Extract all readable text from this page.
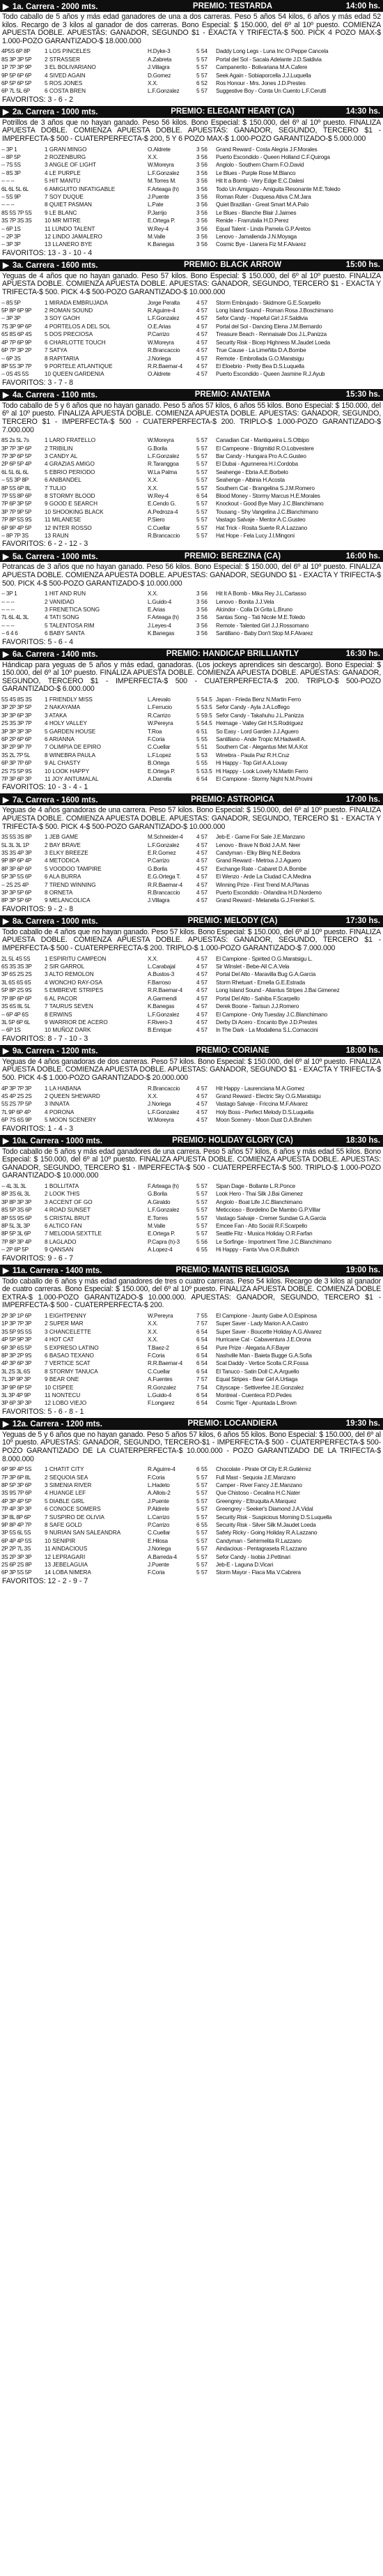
▶ 1a. Carrera - 2000 mts.	PREMIO: TESTARDA	14:00 hs.
Todo caballo de 5 años y más edad ganadores de una a dos carreras. Peso 5 años 54 kilos, 6 años y más edad 52 kilos. Recargo de 3 kilos al ganador de dos carreras. Bono Especial: $ 150.000, del 6º al 10º puesto. COMIENZA APUESTA DOBLE. APUESTAS: GANADOR, SEGUNDO $1 - EXACTA Y TRIFECTA-$ 500. PICK 4 POZO MAX-$ 1.000-POZO GARANTIZADO-$ 18.000.000
4P5S 6P 8P	1 LOS PINCELES	H.Dyke-3	5 54	Daddy Long Legs - Luna Inc O.Peppe Cancela
8S 3P 3P 5P	2 STRASSER	A.Zabreta	5 57	Portal del Sol - Sacala Adelante J.D.Saldivia
1P 7P 3P 9P	3 EL BOLIVARIANO	J.Villagra	5 57	Campanerito - Bolivariana M.A.Cafere
9P 5P 6P 6P	4 SIVED AGAIN	D.Gomez	5 57	Seek Again - Sobiaporcella J.J.Luquella
6P 5P 6P 5P	5 ROS JONES	X.X.	6 52	Ros Honour - Mrs. Jones J.D.Prestes
6P 7L 5L 6P	6 COSTA BREN	L.F.Gonzalez	5 57	Suggestive Boy - Conta Un Cuento L.F.Cerutti
FAVORITOS: 3 - 6 - 2
▶ 2a. Carrera - 1000 mts.	PREMIO: ELEGANT HEART (CA)	14:30 hs.
Potrillos de 3 años que no hayan ganado. Peso 56 kilos. Bono Especial: $ 150.000, del 6º al 10º puesto. FINALIZA APUESTA DOBLE. COMIENZA APUESTA DOBLE. APUESTAS: GANADOR, SEGUNDO, TERCERO $1 - IMPERFECTA-$ 500 - CUATERPERFECTA-$ 200, 5 Y 6 POZO MAX-$ 1.000-POZO GARANTIZADO-$ 5.000.000
-- 3P 1	1 GRAN MINGO	O.Aldrete	3 56	Grand Reward - Costa Alegria J.F.Morales
-- 8P 5P	2 ROZENBURG	X.X.	3 56	Puerto Escondido - Queen Holland C.F.Quiroga
-- 7S 5S	3 ANGLE OF LIGHT	W.Moreyra	3 56	Angiolo - Southern Charm F.O.David
-- 8S 3P	4 LE PURPLE	L.F.Gonzalez	3 56	Le Blues - Purple Rose M.Blanco
-- -- --	5 HIT MANTU	M.Torres M.	3 56	Hit It a Bomb - Very Edge E.C.Dalesi
6L 6L 5L 6L	6 AMIGUITO INFATIGABLE	F.Arteaga (h)	3 56	Todo Un Amigazo - Amiguita Resonante M.E.Toledo
-- 5S 9P	7 SOY DUQUE	J.Puente	3 56	Roman Ruler - Duquesa Ativa C.M.Jara
-- -- --	8 QUIET PASMAN	L.Pate	3 56	Quiet Brazilian - Great Smart M.A.Palo
8S 5S 7P 5S	9 LE BLANC	P.Jarrijo	3 56	Le Blues - Blanche Blair J.Jaimes
3S 7P 3S 3S	10 MR MITRE	E.Ortega P.	3 56	Renide - Frarrutalia H.D.Perez
-- 6P 1S	11 LUNDO TALENT	W.Rey-4	3 56	Equal Talent - Linda Pamela G.P.Aretos
-- 2P 3P	12 LINDO JAMALERO	M.Valle	3 56	Lenovo - Jamalienda J.N.Moyaga
-- 3P 3P	13 LLANERO BYE	K.Banegas	3 56	Cosmic Bye - Llanera Fiz M.F.Alvarez
FAVORITOS: 13 - 3 - 10 - 4
▶ 3a. Carrera - 1600 mts.	PREMIO: BLACK ARROW	15:00 hs.
Yeguas de 4 años que no hayan ganado. Peso 57 kilos. Bono Especial: $ 150.000, del 6º al 10º puesto. FINALIZA APUESTA DOBLE. COMIENZA APUESTA DOBLE. APUESTAS: GANADOR, SEGUNDO, TERCERO $1 - EXACTA Y TRIFECTA-$ 500. PICK 4-$ 500-POZO GARANTIZADO-$ 10.000.000
-- 8S 5P	1 MIRADA EMBRUJADA	Jorge Peralta	4 57	Storm Embrujado - Skidmore G.E.Scarpello
5P 8P 6P 9P	2 ROMAN SOUND	R.Aguirre-4	4 57	Long Island Sound - Roman Rosa J.Boschimano
-- 3P 3P	3 SOY GAOH	L.F.Gonzalez	4 57	Sefor Candy - Hopeful Girl J.F.Saldivia
7S 3P 9P 6P	4 PORTELOS A DEL SOL	O.E.Arias	4 57	Portal del Sol - Dancing Elena J.M.Bernardo
6S 8S 6P 4S	5 DOS PRECIOSA	P.Carrizo	4 57	Treasure Beach - Rennaisale Dos J.L.Panizza
4P 7P 6P 9P	6 CHARLOTTE TOUCH	W.Moreyra	4 57	Security Risk - Bicep Highness M.Jaudet Loeda
6P 7P 3P 2P	7 SATYA	R.Brancaccio	4 57	True Cause - La Limeñita D.A.Bombe
-- 6P 3S	8 RAPITARIA	J.Noriega	4 57	Remote - Embrollada G.O.Maratsigu
8P 5S 3P 7P	9 PORTELE ATLANTIQUE	R.R.Baemar-4	4 57	El Eloebrio - Pretty Bea D.S.Luquella
-- 0S 4S 5S	10 QUEEN GARDENIA	O.Aldrete	4 57	Puerto Escondido - Queen Jasmine R.J.Ayub
FAVORITOS: 3 - 7 - 8
▶ 4a. Carrera - 1100 mts.	PREMIO: ANATEMA	15:30 hs.
Todo caballo de 5 y 6 años que no hayan ganado. Peso 5 años 57 kilos, 6 años 55 kilos. Bono Especial: $ 150.000, del 6º al 10º puesto. FINALIZA APUESTA DOBLE. COMIENZA APUESTA DOBLE. APUESTAS: GANADOR, SEGUNDO, TERCERO $1 - IMPERFECTA-$ 500 - CUATERPERFECTA-$ 200. TRIPLO-$ 1.000-POZO GARANTIZADO-$ 7.000.000
8S 2s 5L 7s	1 LARO FRATELLO	W.Moreyra	5 57	Canadian Cat - Mantiqueira L.S.Otbipo
3P 7P 3P 6P	2 TRIBILIN	G.Borila	5 57	El Campeone - Brigmitid R.O.Lobvestere
7P 3P 6P 5P	3 CANDY AL	L.F.Gonzalez	5 57	Bar Candy - Hungara Pro A.C.Gusteo
2P 6P 5P 4P	4 GRAZIAS AMIGO	R.Taranggoa	5 57	El Dubai - Agunnerea H.I.Cordoba
6L 5L 6L 6L	5 EBRIO PERIODO	W.La Palma	5 57	Seahenge - Ebria A.E.Borbelo
-- 5S 3P 8P	6 ANIBANDEL	X.X.	5 57	Seahenge - Albinia H.Acosta
8P 5S 6P 8L	7 TULIO	X.X.	5 57	Southern Cat - Brangelina S.J.M.Romero
7P 5S 8P 6P	8 STORMY BLOOD	W.Rey-4	6 54	Blood Money - Stormy Marcus H.E.Morales
7P 6P 3P 5P	9 GOOD E SEARCH	E.Cendo G.	5 57	Knockout - Good Bye Mary J.C.Blanchimano
3P 7P 9P 5P	10 SHOOKING BLACK	A.Pedroza-4	5 57	Tousang - Shy Vangelina J.C.Blanchimano
7P 8P 5S 9S	11 MILANESE	P.Siero	5 57	Vastago Salvaje - Mentor A.C.Gusteo
6P 9P 4P 5P	12 INTER ROSSO	C.Cuellar	5 57	Hat Trick - Rosita Suerte R.A.Lazzano
-- 8P 7P 3S	13 RAUN	R.Brancaccio	5 57	Hat Hope - Fela Lucy J.I.Mingoni
FAVORITOS: 6 - 2 - 12 - 3
▶ 5a. Carrera - 1000 mts.	PREMIO: BEREZINA (CA)	16:00 hs.
Potrancas de 3 años que no hayan ganado. Peso 56 kilos. Bono Especial: $ 150.000, del 6º al 10º puesto. FINALIZA APUESTA DOBLE. COMIENZA APUESTA DOBLE. APUESTAS: GANADOR, SEGUNDO $1 - EXACTA Y TRIFECTA-$ 500. PICK 4-$ 500-POZO GARANTIZADO-$ 10.000.000
-- 3P 1	1 HIT AND RUN	X.X.	3 56	Hit It A Bomb - Mika Rey J.L.Cartasso
-- -- --	2 VANIDAD	L.Guido-4	3 56	Lenovo - Bonita J.J.Vela
-- -- --	3 FRENETICA SONG	E.Arias	3 56	Alcindor - Colla Di Grita L.Bruno
7L 6L 4L 3L	4 TATI SONG	F.Arteaga (h)	3 56	Santas Song - Tati Nicole M.E.Toledo
-- -- --	5 TALENTOSA RIM	J.Leyes-4	3 56	Remote - Talented Girl J.J.Rossomano
-- 6 4 6	6 BABY SANTA	K.Banegas	3 56	Santillano - Baby Don't Stop M.F.Alvarez
FAVORITOS: 5 - 6 - 4
▶ 6a. Carrera - 1400 mts.	PREMIO: HANDICAP BRILLIANTLY	16:30 hs.
Hándicap para yeguas de 5 años y más edad, ganadoras. (Los jockeys aprendices sin descargo). Bono Especial: $ 150.000, del 6º al 10º puesto. FINALIZA APUESTA DOBLE. COMIENZA APUESTA DOBLE. APUESTAS: GANADOR, SEGUNDO, TERCERO $1 - IMPERFECTA-$ 500 - CUATERPERFECTA-$ 200. TRIPLO-$ 500-POZO GARANTIZADO-$ 6.000.000
5S 4S 8S 3S	1 FRIENDLY MISS	L.Arevalo	5 54.5 Japan - Frieda Benz N.Martin Ferro
3P 2P 3P 5P	2 NAKAYAMA	L.Ferrucio	5 53.5 Sefor Candy - Ayla J.A.Loffego
3P 3P 6P 3P	3 ATAKA	R.Carrizo	5 59.5 Sefor Candy - Takahuhu J.L.Panizza
2S 3S 3P 7P	4 HOLY VALLEY	W.Pereyra	5 54.5 Heimage - Valley Girl H.S.Rodriguez
3P 3P 3P 3P	5 GARDEN HOUSE	T.Roa	6 51	So Easy - Lord Garden J.J.Aguero
6P 2P 6P 6P	6 ARIANNA	F.Coria	5 55	Santillano - Ande Tropic M.Hadwell A.
3P 2P 9P 7P	7 OLIMPIA DE EPIRO	C.Cuellar	5 51	Southern Cat - Alegantus Met M.A.Kot
3S 2L 7P 5L	8 WINEBRA PAULA	L.F.Lopez	5 53	Winebra - Paula Paz R.H.Cruz
6P 3P 7P 6P	9 AL CHASTY	B.Ortega	5 55	Hi Happy - Top Girl A.A.Lovay
2S 7S 5P 9S	10 LOOK HAPPY	E.Ortega P.	5 53.5 Hi Happy - Look Lovely N.Martin Ferro
7P 3P 6P 3P	11 JOY ANTUMALAL	A.Darrella	6 54	El Campione - Stormy Night N.M.Provini
FAVORITOS: 10 - 3 - 4 - 1
▶ 7a. Carrera - 1600 mts.	PREMIO: ASTROPICA	17:00 hs.
Yeguas de 4 años ganadoras de una carrera. Peso 57 kilos. Bono Especial: $ 150.000, del 6º al 10º puesto. FINALIZA APUESTA DOBLE. COMIENZA APUESTA DOBLE. APUESTAS: GANADOR, SEGUNDO, TERCERO $1 - EXACTA Y TRIFECTA-$ 500. PICK 4-$ 500-POZO GARANTIZADO-$ 10.000.000
3S 5S 3S 8P	1 JEB GAME	M.Schneider-4	4 57	Jeb-E - Game For Sale J.E.Manzano
5L 3L 3L 1P	2 BAY BRAVE	L.F.Gonzalez	4 57	Lenovo - Brave N Bold J.A.M. Neer
3S 3S 4P 3P	3 ELKY BREEZE	E.R.Gomez	4 57	Candyman - Elky Bling N.E.Bedora
9P 8P 6P 4P	4 METODICA	P.Carrizo	4 57	Grand Reward - Metrixa J.J.Aguero
8P 3P 6P 6P	5 VOODOO TAMPIRE	G.Borila	4 57	Exchange Rate - Cabaret D.A.Bombe
5P 3P 5S 6P	6 ALA BURRA	E.G.Ortega T.	4 57	El Wenzo - Arde La Ciudad C.A.Medina
-- 2S 2S 4P	7 TREND WINNING	R.R.Baemar-4	4 57	Winning Prize - First Trend M.A.Planas
3P 3P 5P 6P	8 ORNETA	R.Brancaccio	4 57	Puerto Escondido - Orlandina H.D.Nordemo
8P 3P 5P 6P	9 MELANCOLICA	J.Villagra	4 57	Grand Reward - Melanelia G.J.Frenkel S.
FAVORITOS: 9 - 2 - 8
▶ 8a. Carrera - 1000 mts.	PREMIO: MELODY (CA)	17:30 hs.
Todo caballo de 4 años que no hayan ganado. Peso 57 kilos. Bono Especial: $ 150.000, del 6º al 10º puesto. FINALIZA APUESTA DOBLE. COMIENZA APUESTA DOBLE. APUESTAS: GANADOR, SEGUNDO, TERCERO $1 - IMPERFECTA-$ 500 - CUATERPERFECTA-$ 200. TRIPLO-$ 1.000-POZO GARANTIZADO-$ 7.000.000
2L 5L 4S 5S	1 ESPIRITU CAMPEON	X.X.	4 57	El Campione - Spirited O.G.Maratsigu L.
6S 3S 3S 3P	2 SIR GARROL	L.Carabajal	4 57	Sir Winslet - Bebe-All C.A.Vela
3P 6S 2S 2S	3 ALTO REMOLON	A.Bustos-3	4 57	Portal Del Alto - Maravilla Bug G.A.Garcia
3L 6S 6S 6S	4 WONCHO RAY-OSA	F.Barroso	4 57	Storm Rhetuart - Ernella G.E.Estrada
5P 8P 2S 9S	5 EMBREVE STRIPES	R.R.Baemar-4	4 57	Long Island Sound - Aliantus Stripes J.Bai Gimenez
7P 8P 6P 6P	6 AL PACOR	A.Garmendi	4 57	Portal Del Alto - Sahiba F.Scarpello
3S 6S 8L 5L	7 TAURUS SEVEN	K.Banegas	4 57	Derek Boone - Tarisun J.J.Romero
-- 6P 4P 6S	8 ERWINS	L.F.Gonzalez	4 57	El Campione - Only Tuesday J.C.Blanchimano
3L 5P 6P 6L	9 WARRIOR DE ACERO	F.Rivero-3	4 57	Derby Di Acero - Encanto Bye J.D.Prestes
-- 6P 1S	10 MUÑOZ DARK	B.Enrique	4 57	In The Dark - La Modallena S.L.Cornaccini
FAVORITOS: 8 - 7 - 10 - 3
▶ 9a. Carrera - 1200 mts.	PREMIO: CORIANE	18:00 hs.
Yeguas de 4 años ganadoras de dos carreras. Peso 57 kilos. Bono Especial: $ 150.000, del 6º al 10º puesto. FINALIZA APUESTA DOBLE. COMIENZA APUESTA DOBLE. APUESTAS: GANADOR, SEGUNDO $1 - EXACTA Y TRIFECTA-$ 500. PICK 4-$ 1.000-POZO GARANTIZADO-$ 20.000.000
4P 3P 7P 3P	1 LA HABANA	R.Brancaccio	4 57	Hit Happy - Laurenciana M.A.Gomez
4S 4P 2S 2S	2 QUEEN SHEWARD	X.X.	4 57	Grand Reward - Electric Sky O.G.Maratsigu
5S 2S 7P 5P	3 INNATA	J.Noriega	4 57	Vastago Salvaje - Friccina M.F.Alvarez
7L 9P 6P 4P	4 PORONA	L.F.Gonzalez	4 57	Holy Boss - Perfect Melody D.S.Luquella
6P 7S 6S 9P	5 MOON SCENERY	W.Moreyra	4 57	Moon Scenery - Moon Dust D.A.Bruhen
FAVORITOS: 1 - 4 - 3
▶ 10a. Carrera - 1000 mts.	PREMIO: HOLIDAY GLORY (CA)	18:30 hs.
Todo caballo de 5 años y más edad ganadores de una carrera. Peso 5 años 57 kilos, 6 años y más edad 55 kilos. Bono Especial: $ 150.000, del 6º al 10º puesto. FINALIZA APUESTA DOBLE. COMIENZA APUESTA DOBLE. APUESTAS: GANADOR, SEGUNDO, TERCERO $1 - IMPERFECTA-$ 500 - CUATERPERFECTA-$ 500. TRIPLO-$ 1.000-POZO GARANTIZADO-$ 10.000.000
-- 4L 3L 3L	1 BOLLITATA	F.Arteaga (h)	5 57	Sipan Dage - Bollante L.R.Ponce
8P 3S 6L 3L	2 LOOK THIS	G.Borila	5 57	Look Hero - Thai Silk J.Bai Gimenez
3P 8P 3P 3P	3 ACCENT OF GO	A.Giraldo	5 57	Angiolo - Boat Life J.C.Blanchimano
8S 5P 3S 6P	4 ROAD SUNSET	L.F.Gonzalez	5 57	Meticcioso - Bordelino De Mambo G.P.Villar
8P 5S 9S 6P	5 CRISTAL BRUT	E.Torres	5 57	Vastago Salvaje - Cremer Sundae G.A.Garcia
8P 5L 3L 3P	6 ALTICO FAN	M.Valle	5 57	Emcee Fan - Alto Sociál R.F.Scarpello
8P 5P 3L 6P	7 MELODIA SEXTTLE	E.Ortega P.	5 57	Seattle Fitz - Musica Holiday O.R.Farfan
7P 8P 3P 4P	8 LAGLADO	P.Capra (h)-3	5 56	Le Sorfinge - Importment Time J.C.Blanchimano
-- 2P 6P 5P	9 QANSAN	A.Lopez-4	6 55	Hi Happy - Fanta Viva O.R.Bullrich
FAVORITOS: 9 - 6 - 7
▶ 11a. Carrera - 1400 mts.	PREMIO: MANTIS RELIGIOSA	19:00 hs.
Todo caballo de 6 años y más edad ganadores de tres o cuatro carreras. Peso 54 kilos. Recargo de 3 kilos al ganador de cuatro carreras. Bono Especial: $ 150.000, del 6º al 10º puesto. FINALIZA APUESTA DOBLE. COMIENZA DOBLE EXTRA-$ 1.000-POZO GARANTIZADO-$ 10.000.000. APUESTAS: GANADOR, SEGUNDO, TERCERO $1 - IMPERFECTA-$ 500 - CUATERPERFECTA-$ 200.
2P 3P 1P 6P	1 EIGHTPENNY	W.Pereyra	7 55	El Campione - Jaunty Gabe A.O.Espinosa
1P 3P 7P 3P	2 SUPER MAR	X.X.	7 57	Super Saver - Lady Marion A.A.Castro
3S 5P 9S 5S	3 CHANCELETTE	X.X.	6 54	Super Saver - Boucette Holiday A.G.Alvarez
4P 5P 9P 3P	4 HOT CAT	X.X.	6 54	Hurricane Cat - Cabaventura J.E.Orona
6P 3P 6S 5P	5 EXPRESO LATINO	T.Baez-2	6 54	Pure Prize - Alegaria A.F.Bayer
8P 3P 2P 9S	6 BASAO TEXANO	F.Coria	6 54	Nashville Man - Baieta Bugge G.A.Sofia
4P 3P 6P 3P	7 VERTICE SCAT	R.R.Baemar-4	6 54	Scat Daddy - Vertice Scolla C.R.Fossa
3L 2S 3L 6S	8 STORMY TANUCA	C.Cuellar	6 54	El Tanuco - Satin Doll C.A.Arguello
7L 3P 9P 3P	9 BEAR ONE	A.Fuentes	7 57	Equal Stripes - Bear Girl A.Urtiaga
3P 9P 6P 5P	10 CISPEE	R.Gonzalez	7 54	Cityscape - Settiverfee J.E.Gonzalez
3L 3P 4P 9P	11 NONTECU	L.Guido-4	6 54	Montreal - Cuenteca P.D.Pedes
3P 6P 3P 3P	12 LOBO VIEJO	F.Longarez	6 54	Cosmic Tiger - Apuntada L.Brown
FAVORITOS: 5 - 6 - 8 - 1
▶ 12a. Carrera - 1200 mts.	PREMIO: LOCANDIERA	19:30 hs.
Yeguas de 5 y 6 años que no hayan ganado. Peso 5 años 57 kilos, 6 años 55 kilos. Bono Especial: $ 150.000, del 6º al 10º puesto. APUESTAS: GANADOR, SEGUNDO, TERCERO-$1 - IMPERFECTA-$ 500 - CUATERPERFECTA-$ 500-POZO GARANTIZADO DE LA CUATERPERFECTA-$ 10.000.000 - POZO GARANTIZADO DE LA TRIFECTA-$ 8.000.000
6P 9P 4P 5S	1 CHATIT CITY	R.Aguirre-4	6 55	Chocolate - Pirate Of City E.R.Gutiérrez
7P 3P 6P 8L	2 SEQUOIA SEA	F.Coria	5 57	Full Mast - Sequoia J.E.Manzano
8P 5P 3P 6P	3 SIMENIA RIVER	L.Hadeto	5 57	Camper - River Fancy J.E.Manzano
3S 9S 7P 6P	4 HUANGE LEF	A.Allois-2	5 57	Que Chistoso - Cecalina H.C.Nater
4P 3P 4P 5P	5 DIABLE GIRL	J.Puente	5 57	Greengrey - Eltruquita A.Marquez
7P 4P 3P 3P	6 CONOCE SOMERS	P.Aldrete	5 57	Greengrey - Seeker's Diamond J.A.Vidal
3P 8L 8P 6P	7 SUSPIRO DE OLIVIA	L.Carrizo	5 57	Security Risk - Suspicious Morning D.S.Luquella
9P 8P 4P 7P	8 SAFE GOLD	P.Carrizo	6 55	Security Risk - Silver Silk M.Jaudet Loeda
3P 5S 6L 5S	9 NURIAN SAN SALEANDRA	C.Cuellar	5 57	Safety Ricky - Going Holiday R.A.Lazzano
6P 4P 4P 5S	10 SENIPIR	E.Hilosa	5 57	Candyman - Sehirmelita R.Lazzano
2P 2P 7L 3S	11 AINDACIOUS	J.Noriega	5 57	Aindacious - Pentagraseta R.Lazzano
3S 2P 3P 3P	12 LEPRAGARI	A.Barreda-4	5 57	Sefor Candy - Isobia J.Pettinari
2S 6P 2S 8P	13 JEBELAGUIA	J.Puente	5 57	Jeb-E - Laguna D.Vicari
6P 3P 5S 5P	14 LOBA NIMERA	F.Coria	5 57	Storm Mayor - Flaca Mia V.Cabrera
FAVORITOS: 12 - 2 - 9 - 7
